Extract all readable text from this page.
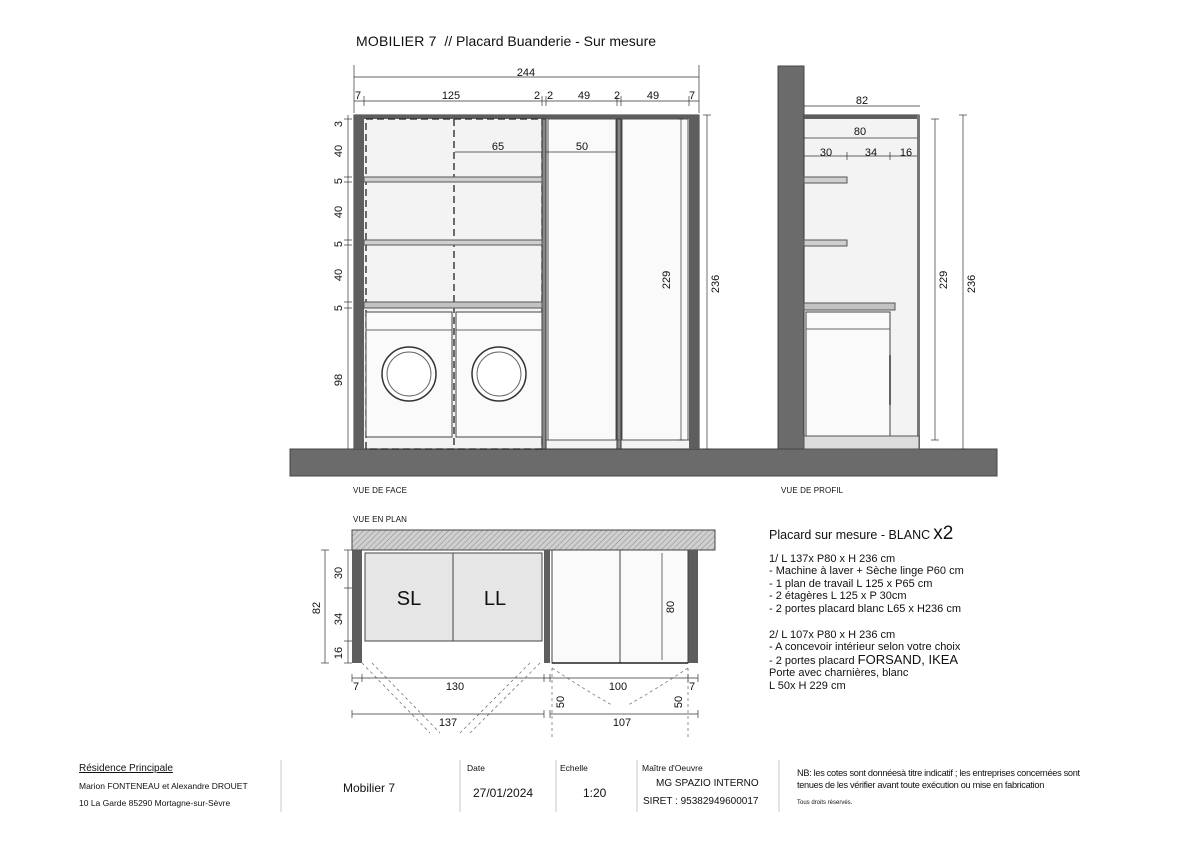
244
7	125	2 2 49 2 49	7
3
40
5
40
5
40
5
98
65	50
229	236
82
80
30	34 16
229 236
30
34
16
82	SL	LL	80
7	130	100	7
137	107
50	50
MOBILIER 7 // Placard Buanderie - Sur mesure
VUE DE FACE	VUE DE PROFIL
VUE EN PLAN
Placard sur mesure - BLANC x2
1/ L 137x P80 x H 236 cm
- Machine à laver + Sèche linge P60 cm
- 1 plan de travail L 125 x P65 cm
- 2 étagères L 125 x P 30cm
- 2 portes placard blanc L65 x H236 cm
2/ L 107x P80 x H 236 cm
- A concevoir intérieur selon votre choix
- 2 portes placard FORSAND, IKEA
Porte avec charnières, blanc
L 50x H 229 cm
Résidence Principale
Marion FONTENEAU et Alexandre DROUET
10 La Garde 85290 Mortagne-sur-Sèvre
Mobilier 7
Date
27/01/2024
Echelle
1:20
Maître d'Oeuvre
MG SPAZIO INTERNO
SIRET : 95382949600017
NB: les cotes sont donnéesà titre indicatif ; les entreprises concernées sont
tenues de les vérifier avant toute exécution ou mise en fabrication
Tous droits réservés.
